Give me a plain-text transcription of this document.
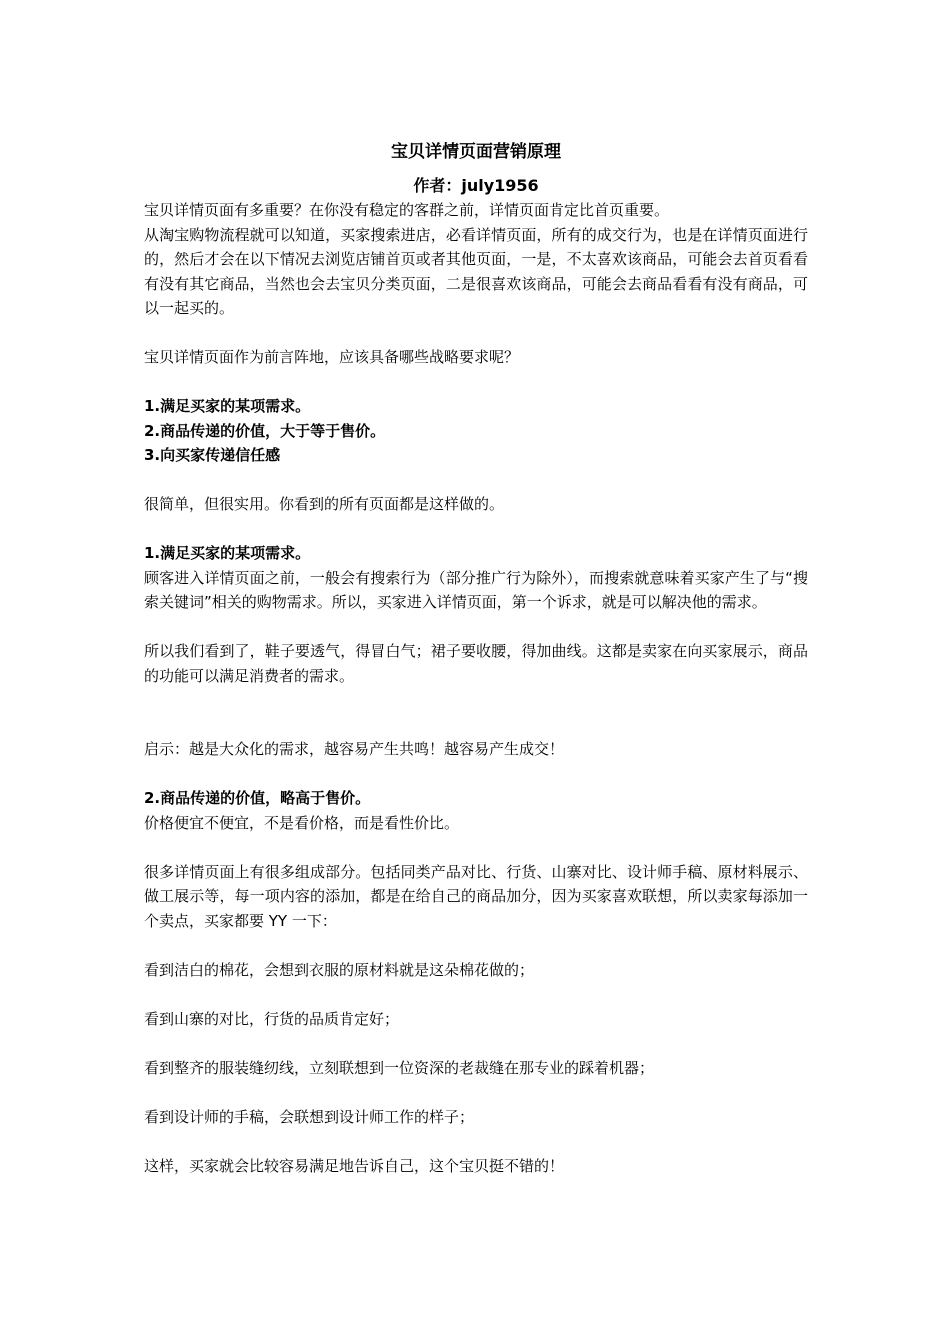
宝贝详情页面营销原理
作者：july1956

宝贝详情页面有多重要？在你没有稳定的客群之前，详情页面肯定比首页重要。

从淘宝购物流程就可以知道，买家搜索进店，必看详情页面，所有的成交行为，也是在详情页面进行的，然后才会在以下情况去浏览店铺首页或者其他页面，一是，不太喜欢该商品，可能会去首页看看有没有其它商品，当然也会去宝贝分类页面，二是很喜欢该商品，可能会去商品看看有没有商品，可以一起买的。

宝贝详情页面作为前言阵地，应该具备哪些战略要求呢？

1.满足买家的某项需求。

2.商品传递的价值，大于等于售价。

3.向买家传递信任感

很简单，但很实用。你看到的所有页面都是这样做的。

1.满足买家的某项需求。

顾客进入详情页面之前，一般会有搜索行为（部分推广行为除外），而搜索就意味着买家产生了与“搜索关键词”相关的购物需求。所以，买家进入详情页面，第一个诉求，就是可以解决他的需求。

所以我们看到了，鞋子要透气，得冒白气；裙子要收腰，得加曲线。这都是卖家在向买家展示，商品的功能可以满足消费者的需求。

启示：越是大众化的需求，越容易产生共鸣！越容易产生成交！

2.商品传递的价值，略高于售价。

价格便宜不便宜，不是看价格，而是看性价比。

很多详情页面上有很多组成部分。包括同类产品对比、行货、山寨对比、设计师手稿、原材料展示、做工展示等，每一项内容的添加，都是在给自己的商品加分，因为买家喜欢联想，所以卖家每添加一个卖点，买家都要 YY 一下：

看到洁白的棉花，会想到衣服的原材料就是这朵棉花做的；

看到山寨的对比，行货的品质肯定好；

看到整齐的服装缝纫线，立刻联想到一位资深的老裁缝在那专业的踩着机器；

看到设计师的手稿，会联想到设计师工作的样子；

这样，买家就会比较容易满足地告诉自己，这个宝贝挺不错的！
